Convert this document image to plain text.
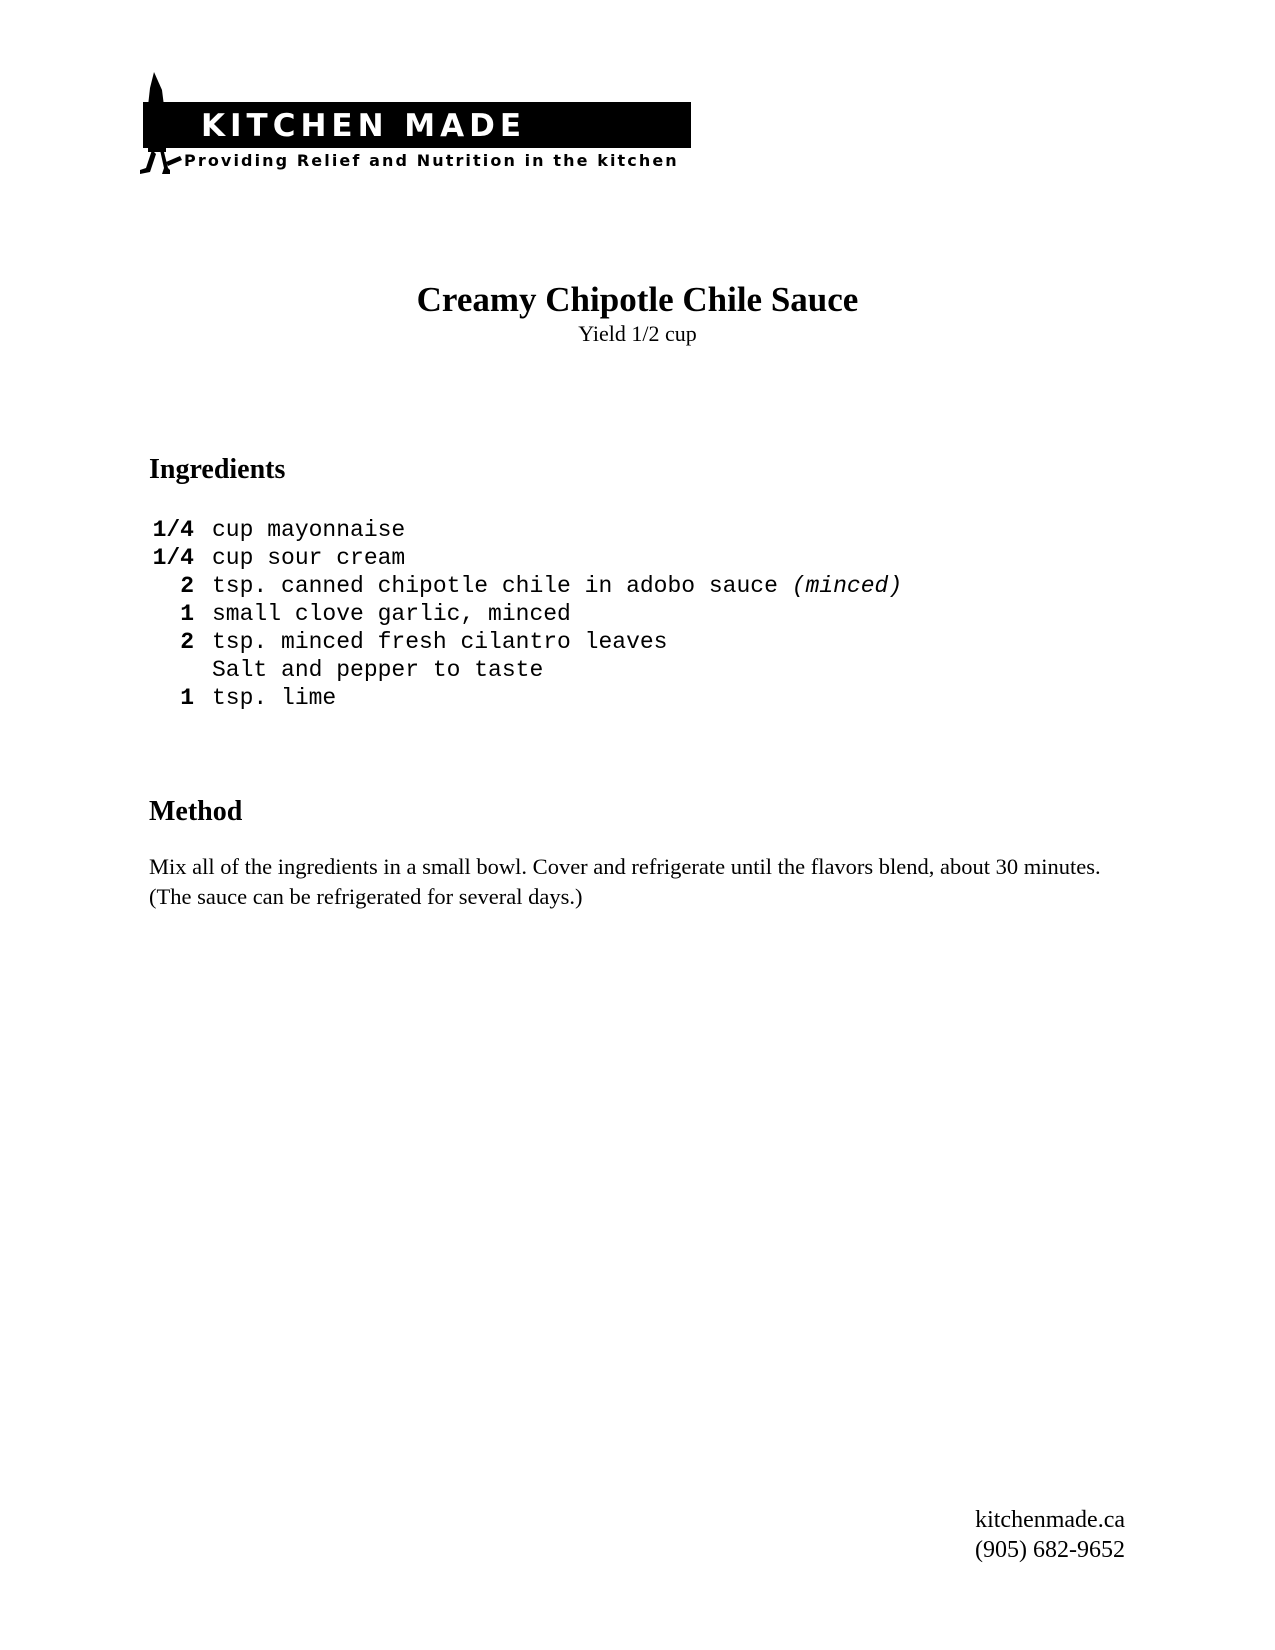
KITCHEN MADE
Providing Relief and Nutrition in the kitchen
Creamy Chipotle Chile Sauce
Yield 1/2 cup
Ingredients
1/4 cup mayonnaise
1/4 cup sour cream
2 tsp. canned chipotle chile in adobo sauce (minced)
1 small clove garlic, minced
2 tsp. minced fresh cilantro leaves
Salt and pepper to taste
1 tsp. lime
Method

Mix all of the ingredients in a small bowl. Cover and refrigerate until the flavors blend, about 30 minutes. (The sauce can be refrigerated for several days.)

kitchenmade.ca
(905) 682-9652
